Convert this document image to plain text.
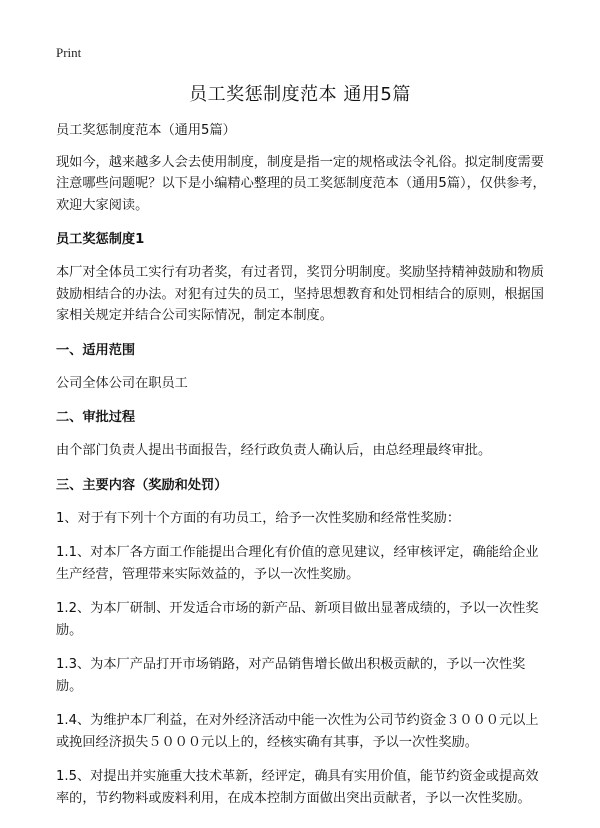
Print
员工奖惩制度范本 通用5篇

员工奖惩制度范本（通用5篇）

现如今，越来越多人会去使用制度，制度是指一定的规格或法令礼俗。拟定制度需要注意哪些问题呢？以下是小编精心整理的员工奖惩制度范本（通用5篇），仅供参考，欢迎大家阅读。

员工奖惩制度1

本厂对全体员工实行有功者奖，有过者罚，奖罚分明制度。奖励坚持精神鼓励和物质鼓励相结合的办法。对犯有过失的员工，坚持思想教育和处罚相结合的原则，根据国家相关规定并结合公司实际情况，制定本制度。

一、适用范围

公司全体公司在职员工

二、审批过程

由个部门负责人提出书面报告，经行政负责人确认后，由总经理最终审批。

三、主要内容（奖励和处罚）

1、对于有下列十个方面的有功员工，给予一次性奖励和经常性奖励：

1.1、对本厂各方面工作能提出合理化有价值的意见建议，经审核评定，确能给企业生产经营，管理带来实际效益的，予以一次性奖励。

1.2、为本厂研制、开发适合市场的新产品、新项目做出显著成绩的，予以一次性奖励。

1.3、为本厂产品打开市场销路，对产品销售增长做出积极贡献的，予以一次性奖励。

1.4、为维护本厂利益，在对外经济活动中能一次性为公司节约资金３０００元以上或挽回经济损失５０００元以上的，经核实确有其事，予以一次性奖励。

1.5、对提出并实施重大技术革新，经评定，确具有实用价值，能节约资金或提高效率的，节约物料或废料利用，在成本控制方面做出突出贡献者，予以一次性奖励。
